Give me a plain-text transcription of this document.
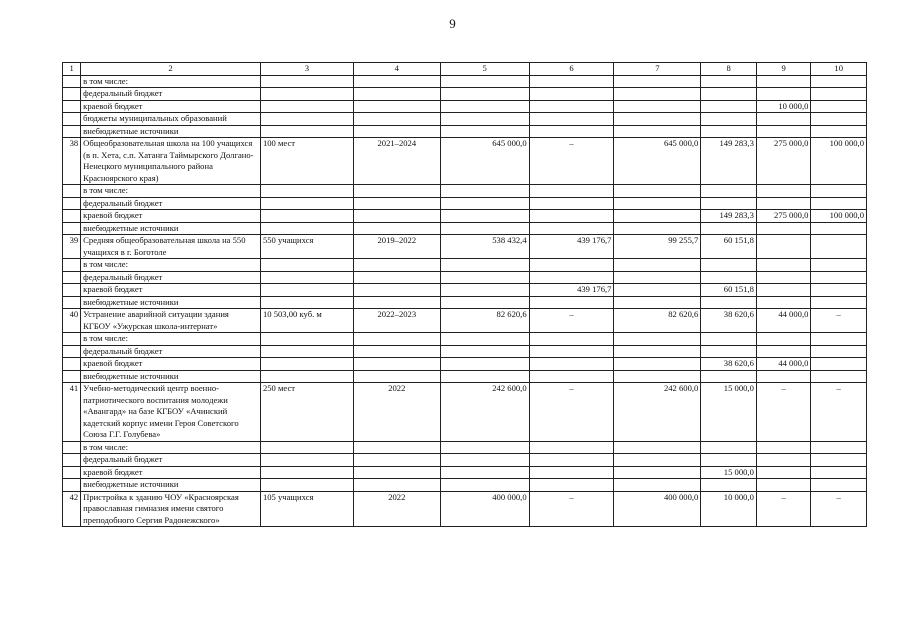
9
1	2	3	4	5	6	7	8	9	10
	в том числе:								
	федеральный бюджет								
	краевой бюджет							10 000,0	
	бюджеты муниципальных образований								
	внебюджетные источники								
38	Общеобразовательная школа на 100 учащихся (в п. Хета, с.п. Хатанга Таймырского Долгано-Ненецкого муниципального района Красноярского края)	100 мест	2021–2024	645 000,0	–	645 000,0	149 283,3	275 000,0	100 000,0
	в том числе:								
	федеральный бюджет								
	краевой бюджет						149 283,3	275 000,0	100 000,0
	внебюджетные источники								
39	Средняя общеобразовательная школа на 550 учащихся в г. Боготоле	550 учащихся	2019–2022	538 432,4	439 176,7	99 255,7	60 151,8		
	в том числе:								
	федеральный бюджет								
	краевой бюджет				439 176,7		60 151,8		
	внебюджетные источники								
40	Устранение аварийной ситуации здания КГБОУ «Ужурская школа-интернат»	10 503,00 куб. м	2022–2023	82 620,6	–	82 620,6	38 620,6	44 000,0	–
	в том числе:								
	федеральный бюджет								
	краевой бюджет						38 620,6	44 000,0	
	внебюджетные источники								
41	Учебно-методический центр военно-патриотического воспитания молодежи «Авангард» на базе КГБОУ «Ачинский кадетский корпус имени Героя Советского Союза Г.Г. Голубева»	250 мест	2022	242 600,0	–	242 600,0	15 000,0	–	–
	в том числе:								
	федеральный бюджет								
	краевой бюджет						15 000,0		
	внебюджетные источники								
42	Пристройка к зданию ЧОУ «Красноярская православная гимназия имени святого преподобного Сергия Радонежского»	105 учащихся	2022	400 000,0	–	400 000,0	10 000,0	–	–
